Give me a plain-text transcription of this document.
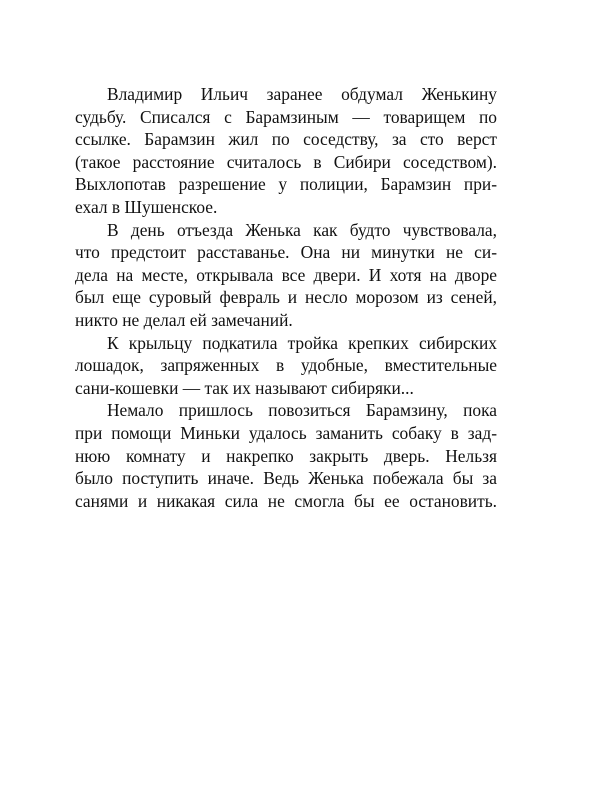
Владимир Ильич заранее обдумал Женькину
судьбу. Списался с Барамзиным — товарищем по
ссылке. Барамзин жил по соседству, за сто верст
(такое расстояние считалось в Сибири соседством).
Выхлопотав разрешение у полиции, Барамзин при-
ехал в Шушенское.
В день отъезда Женька как будто чувствовала,
что предстоит расставанье. Она ни минутки не си-
дела на месте, открывала все двери. И хотя на дворе
был еще суровый февраль и несло морозом из сеней,
никто не делал ей замечаний.
К крыльцу подкатила тройка крепких сибирских
лошадок, запряженных в удобные, вместительные
сани-кошевки — так их называют сибиряки...
Немало пришлось повозиться Барамзину, пока
при помощи Миньки удалось заманить собаку в зад-
нюю комнату и накрепко закрыть дверь. Нельзя
было поступить иначе. Ведь Женька побежала бы за
санями и никакая сила не смогла бы ее остановить.
